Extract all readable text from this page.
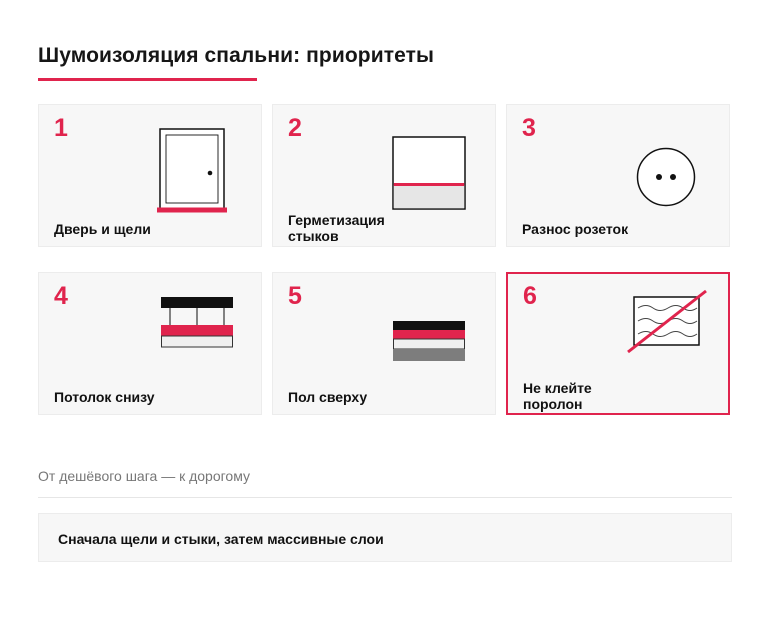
Шумоизоляция спальни: приоритеты
1
Дверь и щели
2
Герметизация
стыков
3
Разнос розеток
4
Потолок снизу
5
Пол сверху
6
Не клейте
поролон
От дешёвого шага — к дорогому
Сначала щели и стыки, затем массивные слои
